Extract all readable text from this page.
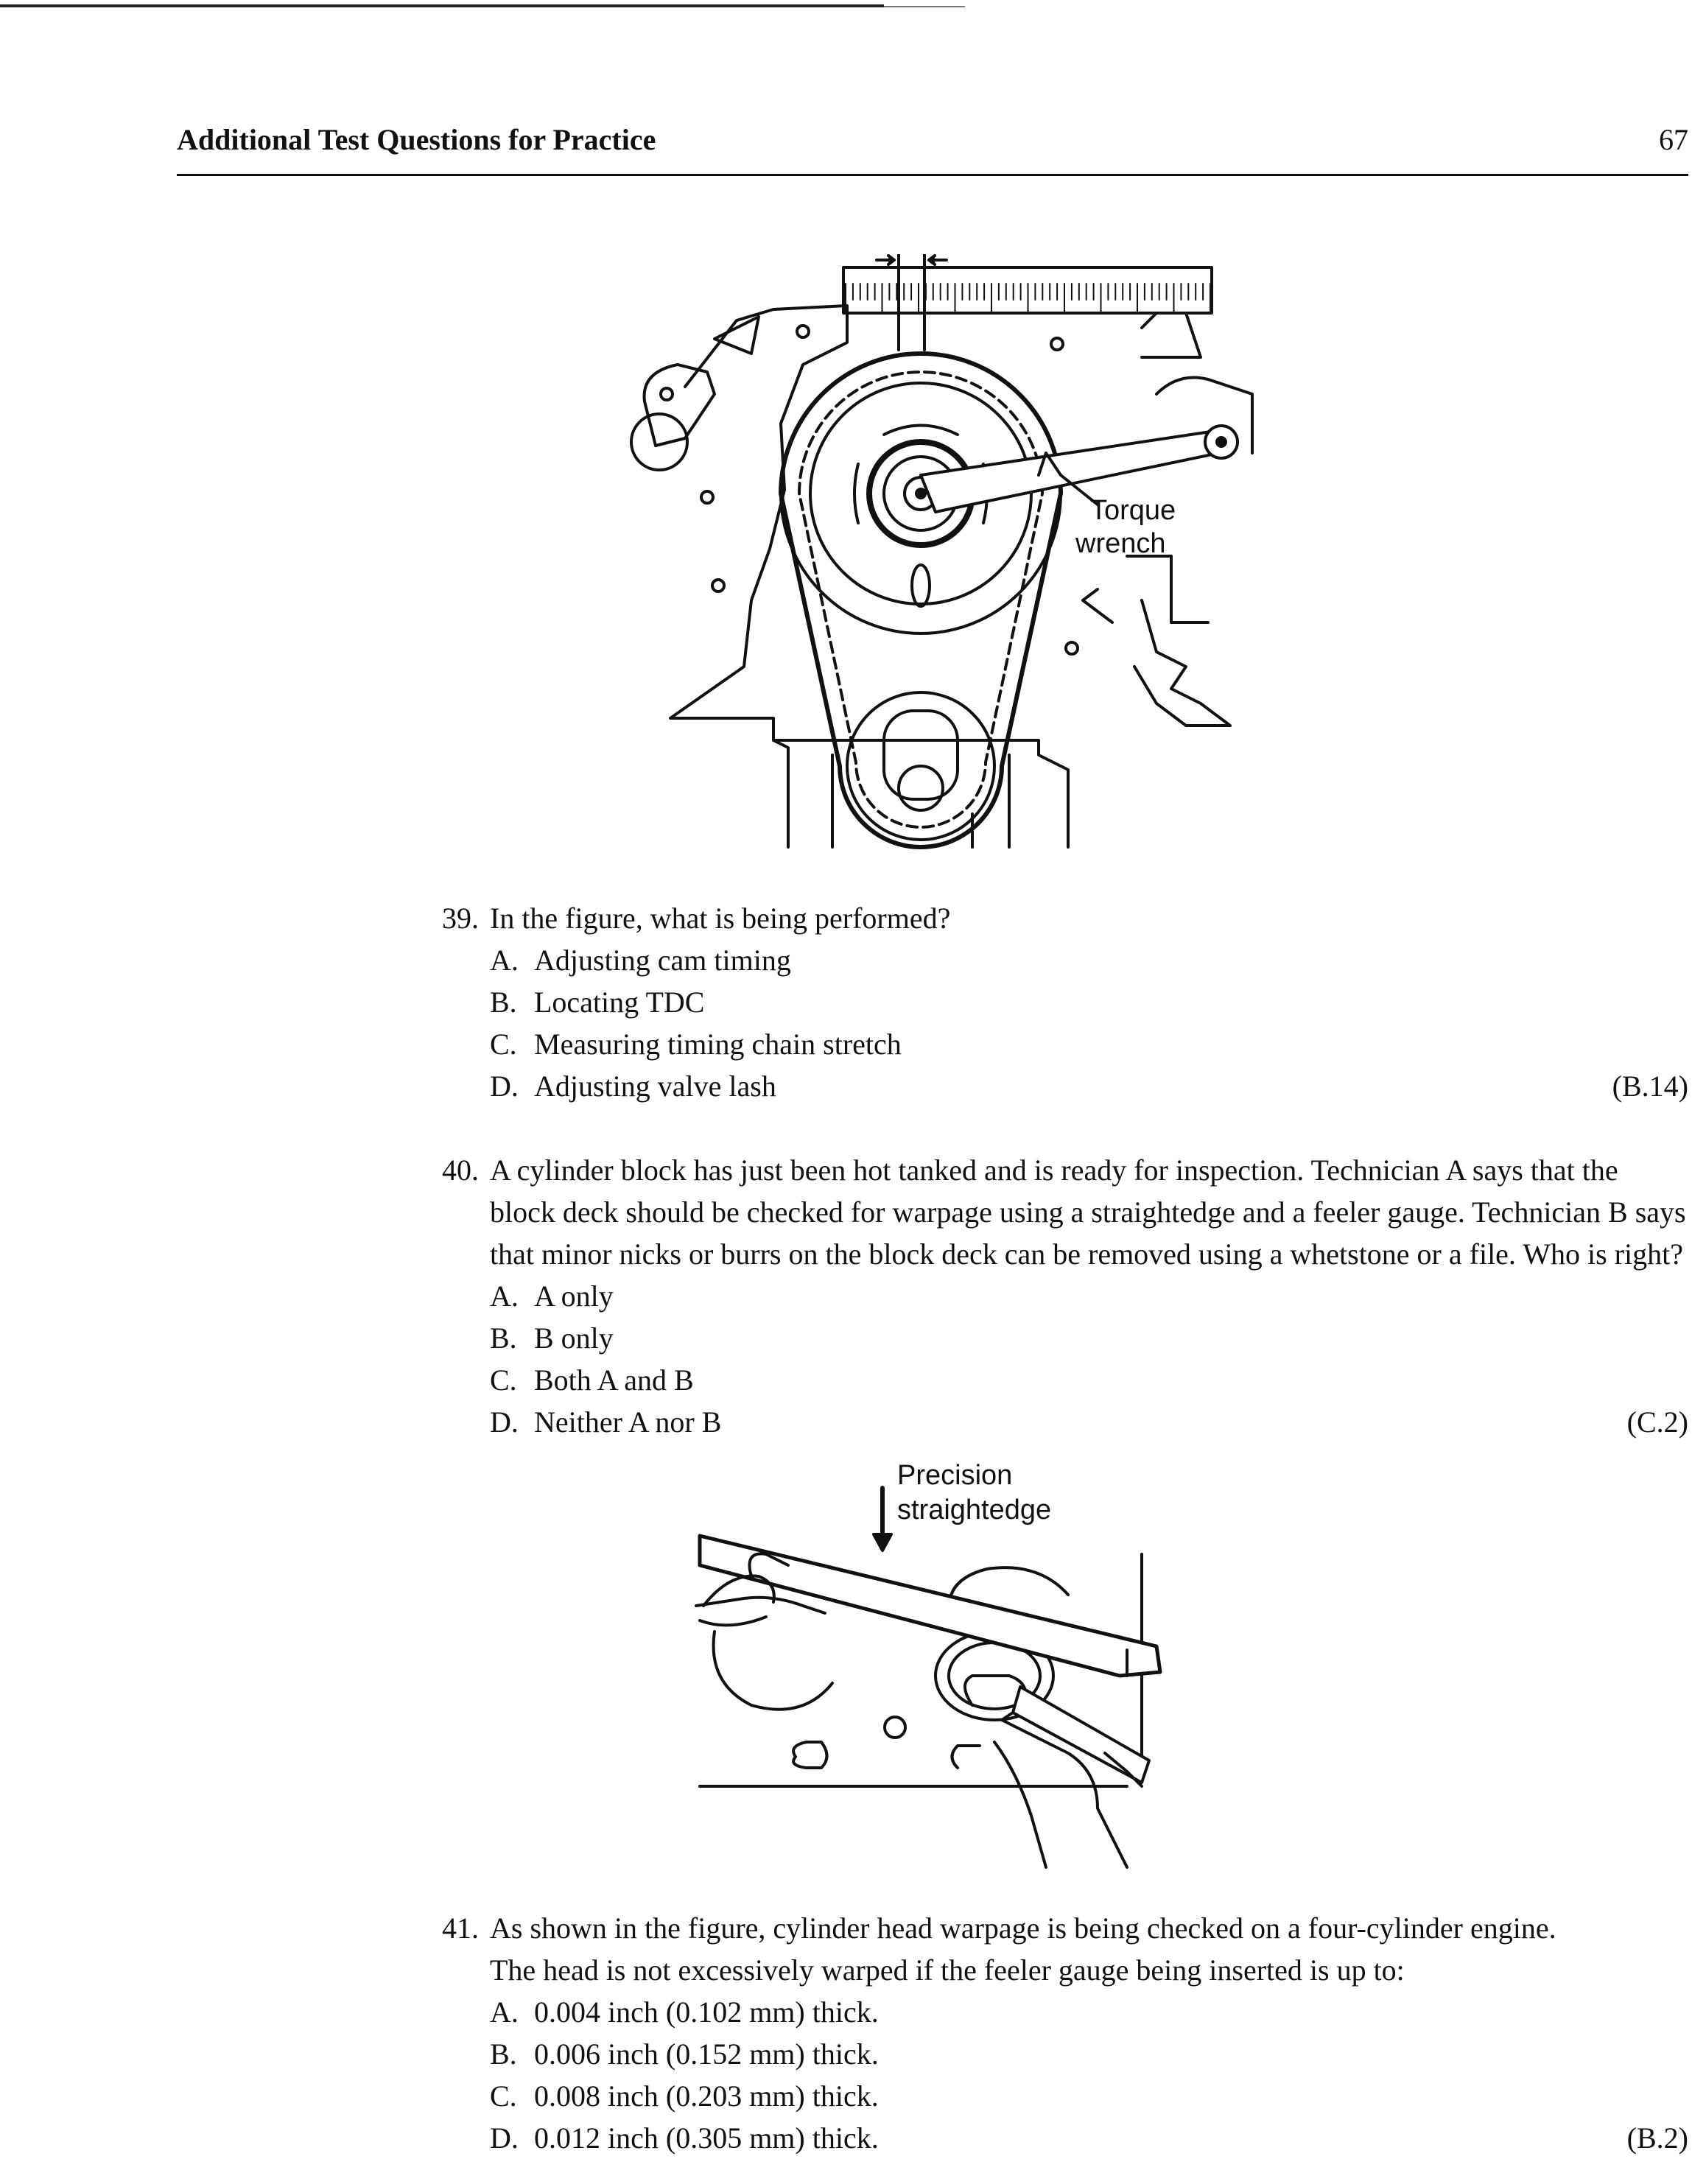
Additional Test Questions for Practice	67
Torque
wrench
39. In the figure, what is being performed?
A. Adjusting cam timing
B. Locating TDC
C. Measuring timing chain stretch
D. Adjusting valve lash	(B.14)
40. A cylinder block has just been hot tanked and is ready for inspection. Technician A says that the block deck should be checked for warpage using a straightedge and a feeler gauge. Technician B says that minor nicks or burrs on the block deck can be removed using a whetstone or a file. Who is right?
A. A only
B. B only
C. Both A and B
D. Neither A nor B	(C.2)
Precision
straightedge
41. As shown in the figure, cylinder head warpage is being checked on a four-cylinder engine. The head is not excessively warped if the feeler gauge being inserted is up to:
A. 0.004 inch (0.102 mm) thick.
B. 0.006 inch (0.152 mm) thick.
C. 0.008 inch (0.203 mm) thick.
D. 0.012 inch (0.305 mm) thick.	(B.2)
